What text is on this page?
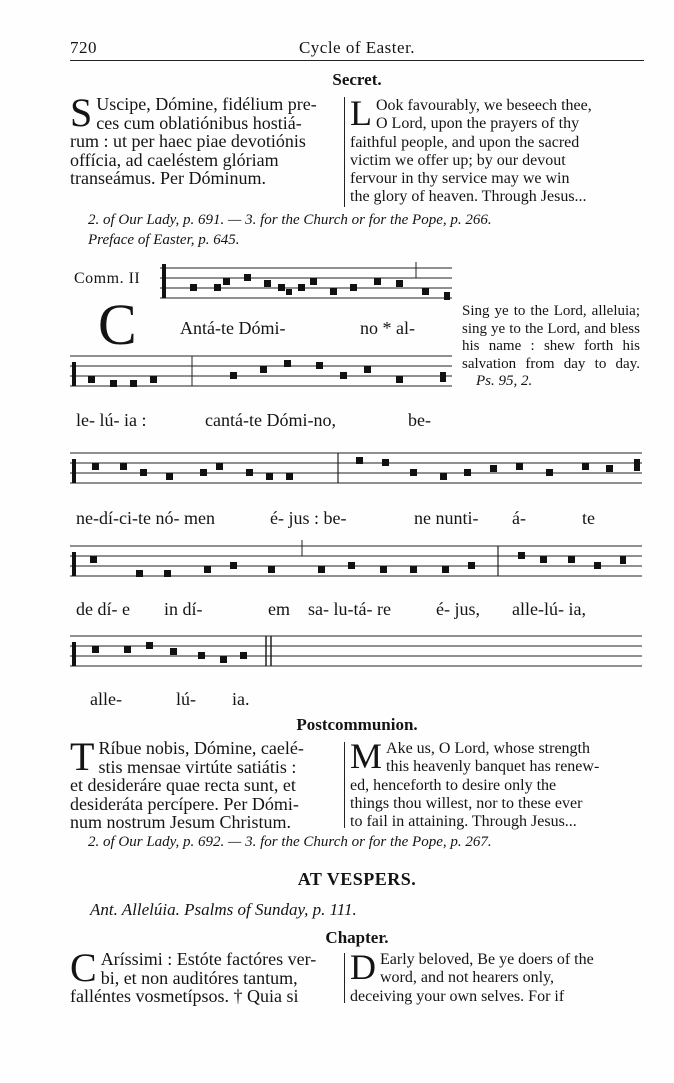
720	Cycle of Easter.
Secret.
S Uscipe, Dómine, fidélium pre-
ces cum oblatiónibus hostiá-
rum : ut per haec piae devotiónis
offícia, ad caeléstem glóriam
transeámus. Per Dóminum.
L Ook favourably, we beseech thee,
O Lord, upon the prayers of thy
faithful people, and upon the sacred
victim we offer up; by our devout
fervour in thy service may we win
the glory of heaven. Through Jesus...
2. of Our Lady, p. 691. — 3. for the Church or for the Pope, p. 266.
Preface of Easter, p. 645.
Comm. II
C Antá-te Dómi-	no * al-
le- lú- ia :	cantá-te Dómi-no,	be-
Sing ye to the Lord, alleluia; sing ye to the Lord, and bless his name : shew forth his salvation from day to day. Ps. 95, 2.
ne-dí-ci-te nó- men	é- jus : be-	ne nunti- á-	te
de dí- e in dí-	em sa- lu-tá- re	é- jus, alle-lú- ia,
alle-	lú- ia.
Postcommunion.
T Ríbue nobis, Dómine, caelé-
stis mensae virtúte satiátis :
et desideráre quae recta sunt, et
desideráta percípere. Per Dómi-
num nostrum Jesum Christum.
M Ake us, O Lord, whose strength
this heavenly banquet has renew-
ed, henceforth to desire only the
things thou willest, nor to these ever
to fail in attaining. Through Jesus...
2. of Our Lady, p. 692. — 3. for the Church or for the Pope, p. 267.
AT VESPERS.
Ant. Allelúia. Psalms of Sunday, p. 111.
Chapter.
C Aríssimi : Estóte factóres ver-
bi, et non auditóres tantum,
falléntes vosmetípsos. † Quia si
D Early beloved, Be ye doers of the
word, and not hearers only,
deceiving your own selves. For if
